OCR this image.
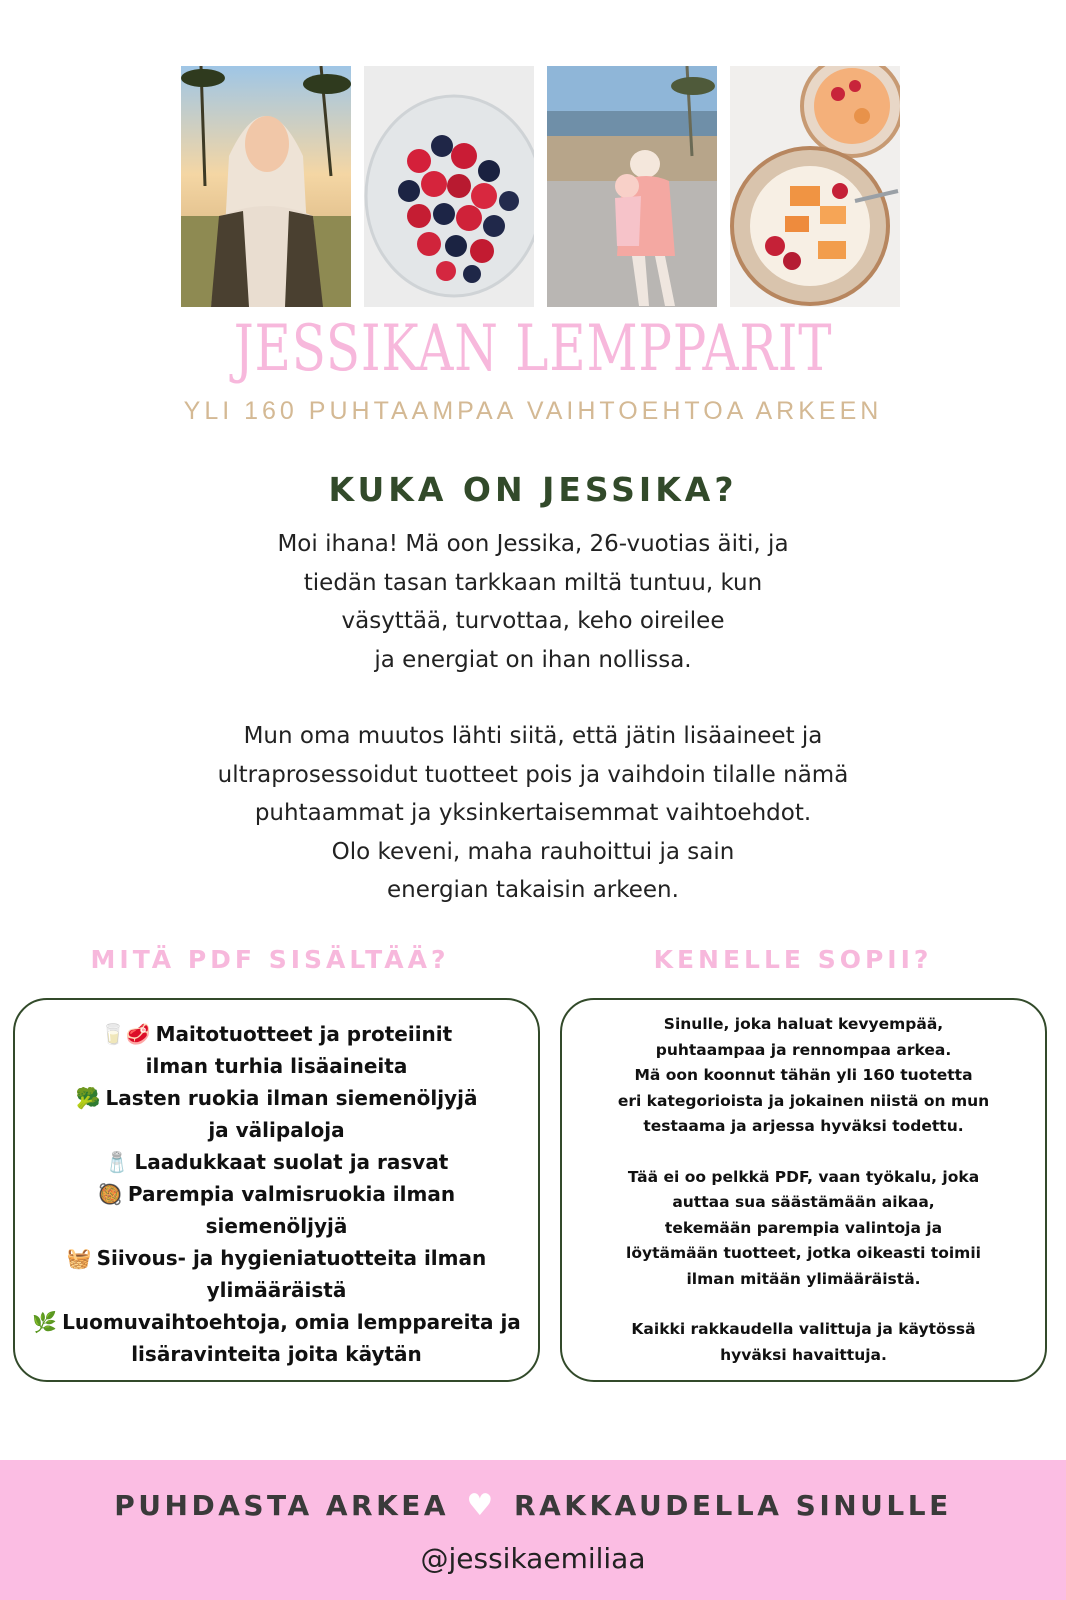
JESSIKAN LEMPPARIT
YLI 160 PUHTAAMPAA VAIHTOEHTOA ARKEEN
KUKA ON JESSIKA?

Moi ihana! Mä oon Jessika, 26-vuotias äiti, ja

tiedän tasan tarkkaan miltä tuntuu, kun

väsyttää, turvottaa, keho oireilee

ja energiat on ihan nollissa.

Mun oma muutos lähti siitä, että jätin lisäaineet ja

ultraprosessoidut tuotteet pois ja vaihdoin tilalle nämä

puhtaammat ja yksinkertaisemmat vaihtoehdot.

Olo keveni, maha rauhoittui ja sain

energian takaisin arkeen.

MITÄ PDF SISÄLTÄÄ?	KENELLE SOPII?

🥛🥩 Maitotuotteet ja proteiinit

ilman turhia lisäaineita

🥦 Lasten ruokia ilman siemenöljyjä

ja välipaloja

🧂 Laadukkaat suolat ja rasvat

🥘 Parempia valmisruokia ilman

siemenöljyjä

🧺 Siivous- ja hygieniatuotteita ilman

ylimääräistä

🌿 Luomuvaihtoehtoja, omia lemppareita ja

lisäravinteita joita käytän

Sinulle, joka haluat kevyempää,

puhtaampaa ja rennompaa arkea.

Mä oon koonnut tähän yli 160 tuotetta

eri kategorioista ja jokainen niistä on mun

testaama ja arjessa hyväksi todettu.

Tää ei oo pelkkä PDF, vaan työkalu, joka

auttaa sua säästämään aikaa,

tekemään parempia valintoja ja

löytämään tuotteet, jotka oikeasti toimii

ilman mitään ylimääräistä.

Kaikki rakkaudella valittuja ja käytössä

hyväksi havaittuja.

PUHDASTA ARKEA ♥ RAKKAUDELLA SINULLE
@jessikaemiliaa
